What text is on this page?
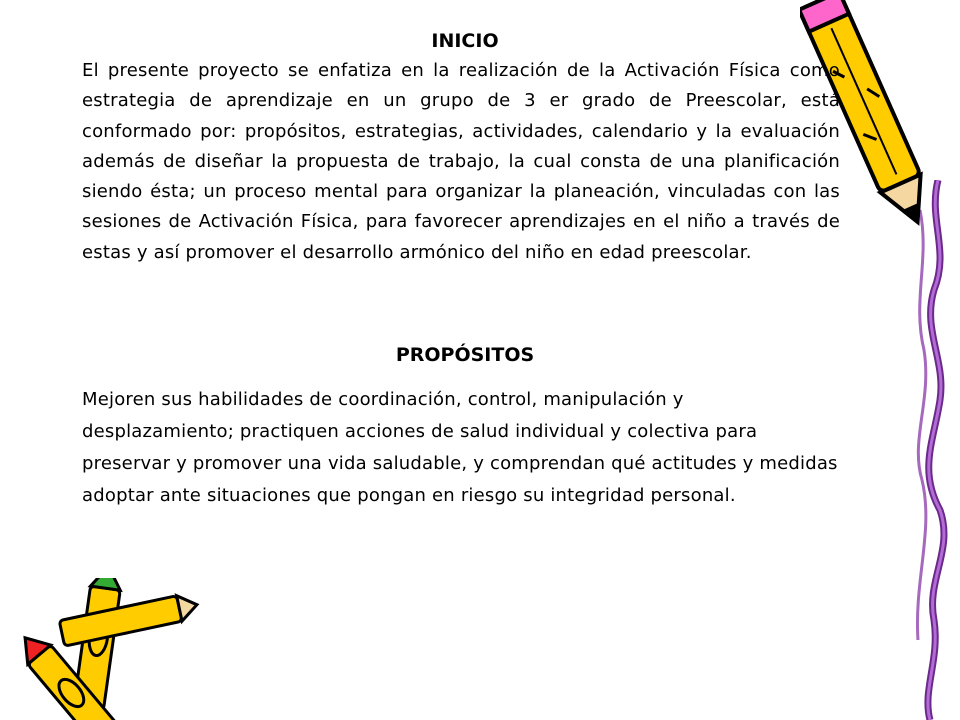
INICIO

El presente proyecto se enfatiza en la realización de la Activación Física como estrategia de aprendizaje en un grupo de 3 er grado de Preescolar, está conformado por: propósitos, estrategias, actividades, calendario y la evaluación además de diseñar la propuesta de trabajo, la cual consta de una planificación siendo ésta; un proceso mental para organizar la planeación, vinculadas con las sesiones de Activación Física, para favorecer aprendizajes en el niño a través de estas y así promover el desarrollo armónico del niño en edad preescolar.

PROPÓSITOS

Mejoren sus habilidades de coordinación, control, manipulación y desplazamiento; practiquen acciones de salud individual y colectiva para preservar y promover una vida saludable, y comprendan qué actitudes y medidas adoptar ante situaciones que pongan en riesgo su integridad personal.
